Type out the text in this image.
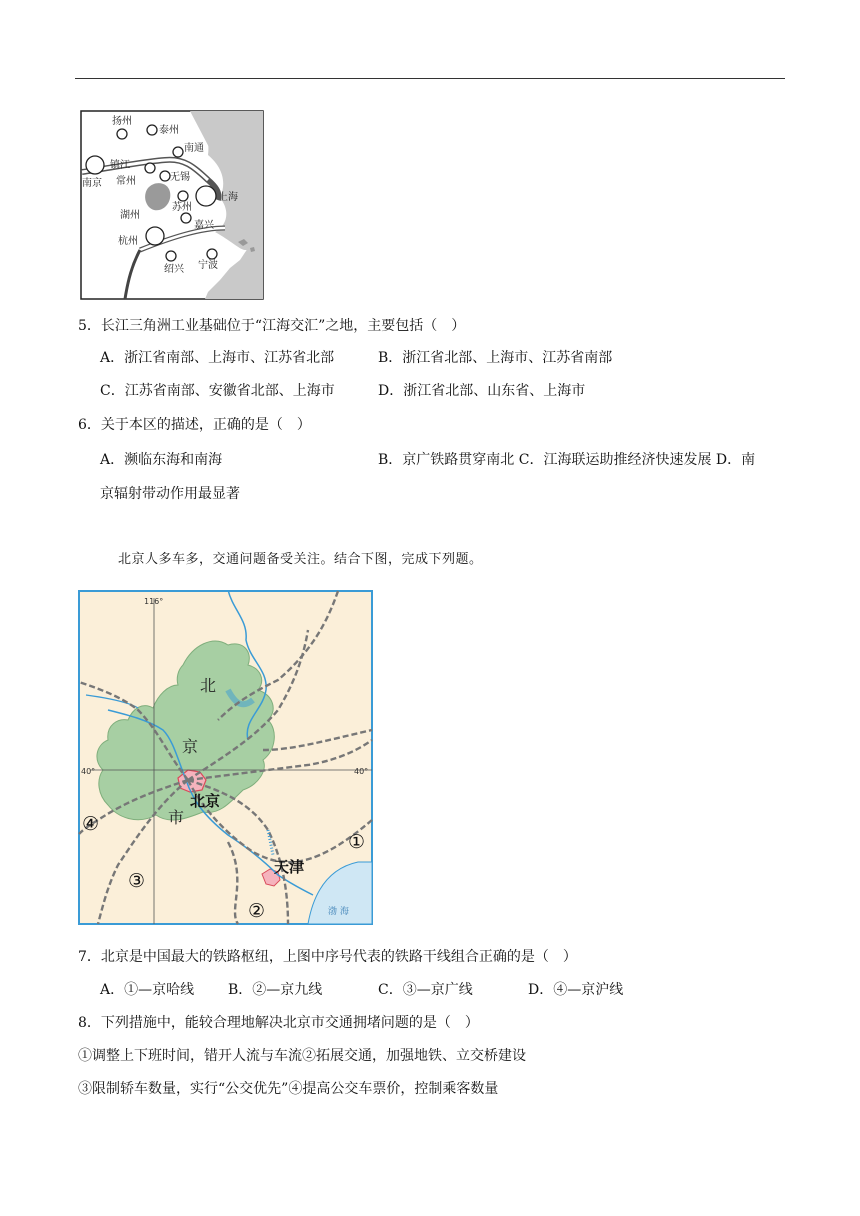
扬州
泰州
南通
镇江
南京 常州	无锡
上海
苏州
湖州
嘉兴
杭州
绍兴 宁波
5．长江三角洲工业基础位于“江海交汇”之地，主要包括（　）
A．浙江省南部、上海市、江苏省北部	B．浙江省北部、上海市、江苏省南部
C．江苏省南部、安徽省北部、上海市	D．浙江省北部、山东省、上海市
6．关于本区的描述，正确的是（　）
A．濒临东海和南海	B．京广铁路贯穿南北 C．江海联运助推经济快速发展 D．南
京辐射带动作用最显著
北京人多车多，交通问题备受关注。结合下图，完成下列题。
116°
40°	40°
北
京
市
北京
天津
渤 海
①
②
③
④
7．北京是中国最大的铁路枢纽，上图中序号代表的铁路干线组合正确的是（　）
A．①—京哈线 B．②—京九线	C．③—京广线	D．④—京沪线
8．下列措施中，能较合理地解决北京市交通拥堵问题的是（　）
①调整上下班时间，错开人流与车流②拓展交通，加强地铁、立交桥建设
③限制轿车数量，实行“公交优先”④提高公交车票价，控制乘客数量
